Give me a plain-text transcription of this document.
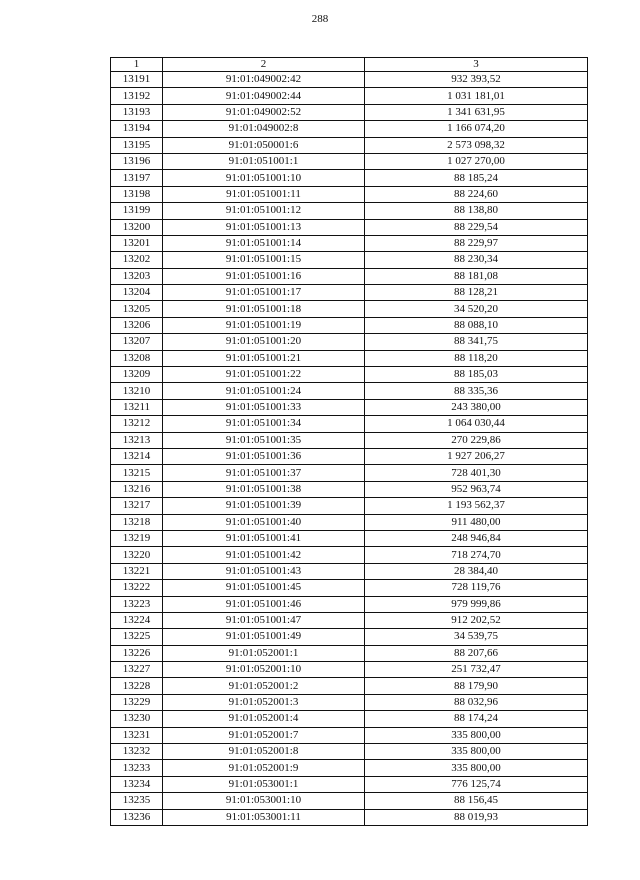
288
1	2	3
13191	91:01:049002:42	932 393,52
13192	91:01:049002:44	1 031 181,01
13193	91:01:049002:52	1 341 631,95
13194	91:01:049002:8	1 166 074,20
13195	91:01:050001:6	2 573 098,32
13196	91:01:051001:1	1 027 270,00
13197	91:01:051001:10	88 185,24
13198	91:01:051001:11	88 224,60
13199	91:01:051001:12	88 138,80
13200	91:01:051001:13	88 229,54
13201	91:01:051001:14	88 229,97
13202	91:01:051001:15	88 230,34
13203	91:01:051001:16	88 181,08
13204	91:01:051001:17	88 128,21
13205	91:01:051001:18	34 520,20
13206	91:01:051001:19	88 088,10
13207	91:01:051001:20	88 341,75
13208	91:01:051001:21	88 118,20
13209	91:01:051001:22	88 185,03
13210	91:01:051001:24	88 335,36
13211	91:01:051001:33	243 380,00
13212	91:01:051001:34	1 064 030,44
13213	91:01:051001:35	270 229,86
13214	91:01:051001:36	1 927 206,27
13215	91:01:051001:37	728 401,30
13216	91:01:051001:38	952 963,74
13217	91:01:051001:39	1 193 562,37
13218	91:01:051001:40	911 480,00
13219	91:01:051001:41	248 946,84
13220	91:01:051001:42	718 274,70
13221	91:01:051001:43	28 384,40
13222	91:01:051001:45	728 119,76
13223	91:01:051001:46	979 999,86
13224	91:01:051001:47	912 202,52
13225	91:01:051001:49	34 539,75
13226	91:01:052001:1	88 207,66
13227	91:01:052001:10	251 732,47
13228	91:01:052001:2	88 179,90
13229	91:01:052001:3	88 032,96
13230	91:01:052001:4	88 174,24
13231	91:01:052001:7	335 800,00
13232	91:01:052001:8	335 800,00
13233	91:01:052001:9	335 800,00
13234	91:01:053001:1	776 125,74
13235	91:01:053001:10	88 156,45
13236	91:01:053001:11	88 019,93
